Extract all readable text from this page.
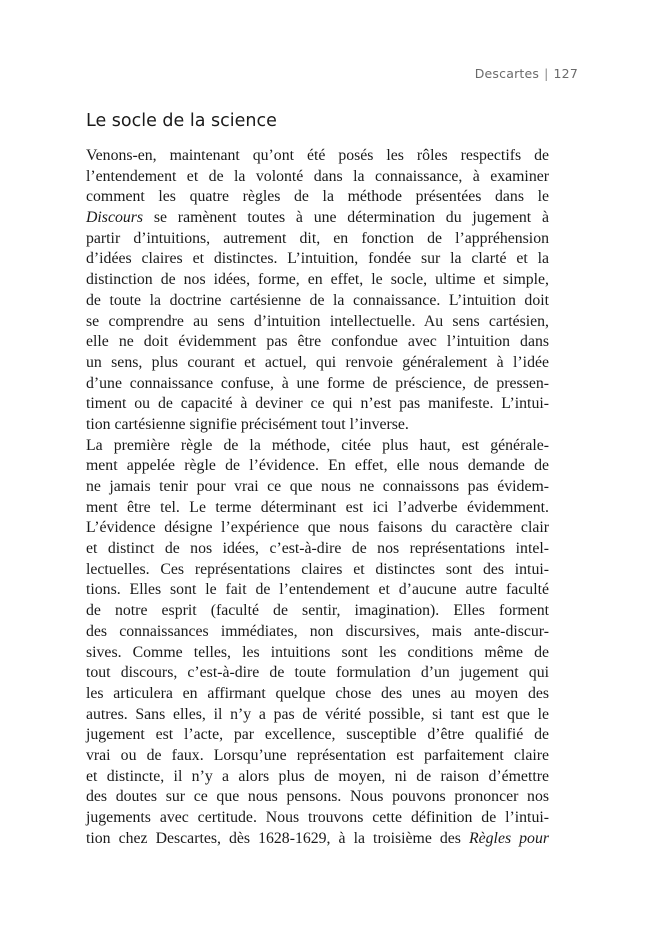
Descartes | 127
Le socle de la science
Venons-en, maintenant qu’ont été posés les rôles respectifs de
l’entendement et de la volonté dans la connaissance, à examiner
comment les quatre règles de la méthode présentées dans le
Discours se ramènent toutes à une détermination du jugement à
partir d’intuitions, autrement dit, en fonction de l’appréhension
d’idées claires et distinctes. L’intuition, fondée sur la clarté et la
distinction de nos idées, forme, en effet, le socle, ultime et simple,
de toute la doctrine cartésienne de la connaissance. L’intuition doit
se comprendre au sens d’intuition intellectuelle. Au sens cartésien,
elle ne doit évidemment pas être confondue avec l’intuition dans
un sens, plus courant et actuel, qui renvoie généralement à l’idée
d’une connaissance confuse, à une forme de préscience, de pressen-
timent ou de capacité à deviner ce qui n’est pas manifeste. L’intui-
tion cartésienne signifie précisément tout l’inverse.
La première règle de la méthode, citée plus haut, est générale-
ment appelée règle de l’évidence. En effet, elle nous demande de
ne jamais tenir pour vrai ce que nous ne connaissons pas évidem-
ment être tel. Le terme déterminant est ici l’adverbe évidemment.
L’évidence désigne l’expérience que nous faisons du caractère clair
et distinct de nos idées, c’est-à-dire de nos représentations intel-
lectuelles. Ces représentations claires et distinctes sont des intui-
tions. Elles sont le fait de l’entendement et d’aucune autre faculté
de notre esprit (faculté de sentir, imagination). Elles forment
des connaissances immédiates, non discursives, mais ante-discur-
sives. Comme telles, les intuitions sont les conditions même de
tout discours, c’est-à-dire de toute formulation d’un jugement qui
les articulera en affirmant quelque chose des unes au moyen des
autres. Sans elles, il n’y a pas de vérité possible, si tant est que le
jugement est l’acte, par excellence, susceptible d’être qualifié de
vrai ou de faux. Lorsqu’une représentation est parfaitement claire
et distincte, il n’y a alors plus de moyen, ni de raison d’émettre
des doutes sur ce que nous pensons. Nous pouvons prononcer nos
jugements avec certitude. Nous trouvons cette définition de l’intui-
tion chez Descartes, dès 1628-1629, à la troisième des Règles pour
